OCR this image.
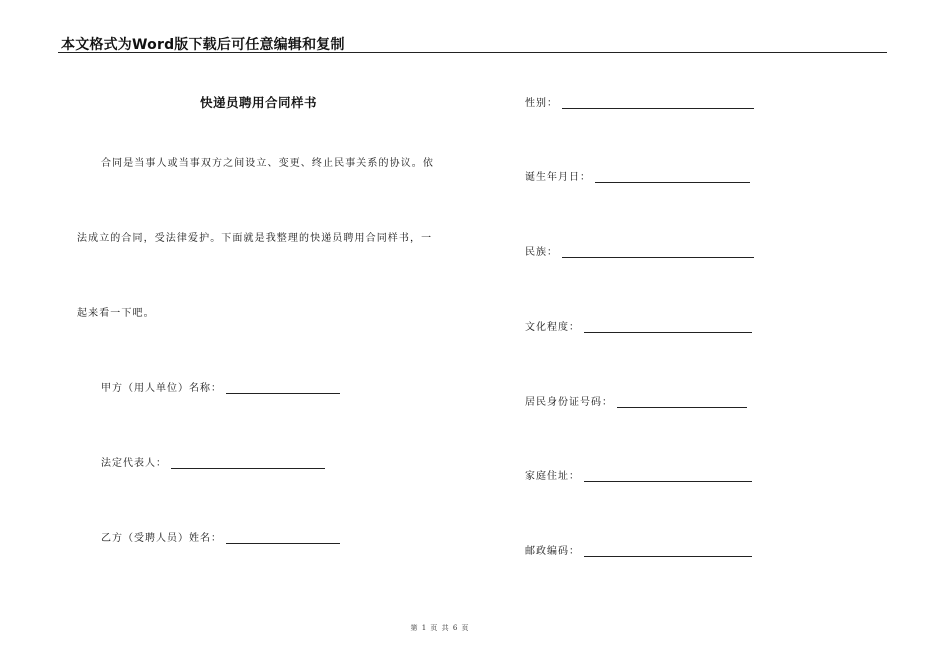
本文格式为Word版下载后可任意编辑和复制
快递员聘用合同样书
合同是当事人或当事双方之间设立、变更、终止民事关系的协议。依
法成立的合同，受法律爱护。下面就是我整理的快递员聘用合同样书，一
起来看一下吧。
甲方（用人单位）名称：
法定代表人：
乙方（受聘人员）姓名：
性别：
诞生年月日：
民族：
文化程度：
居民身份证号码：
家庭住址：
邮政编码：
第 1 页 共 6 页
